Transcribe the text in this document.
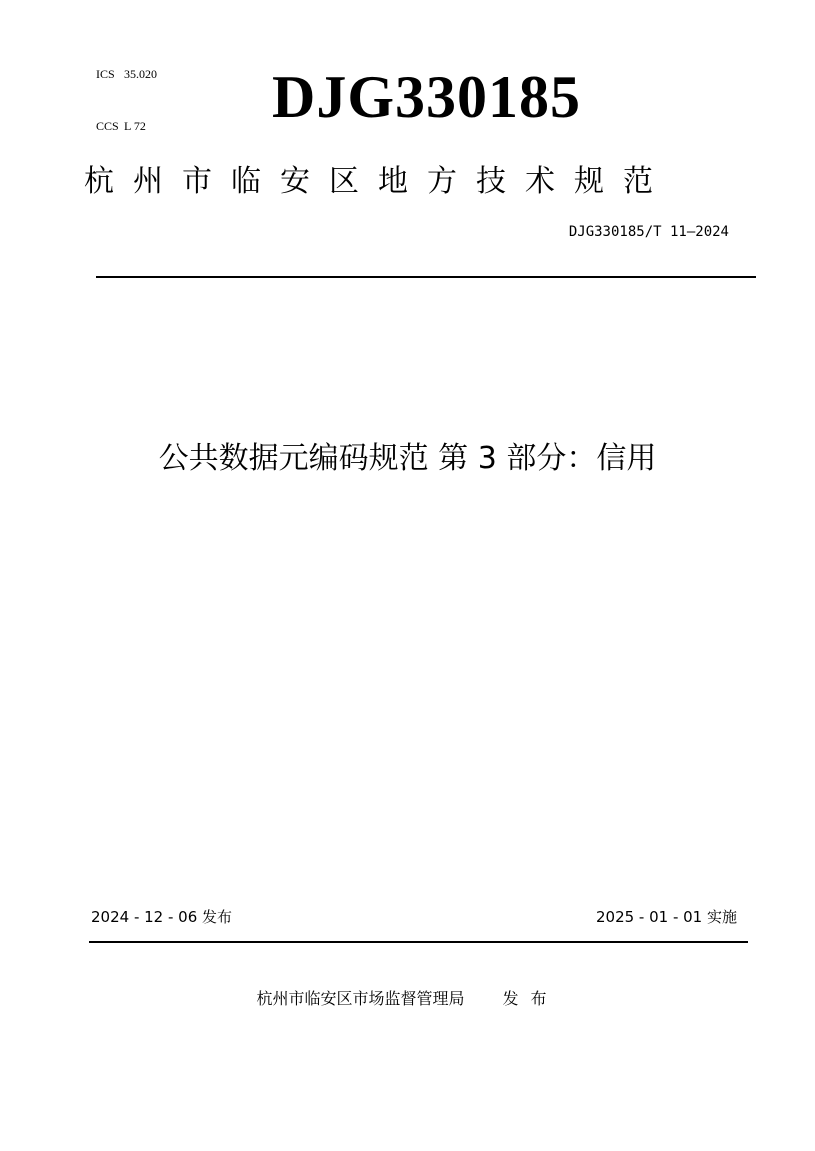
ICS 35.020

CCS L 72 DJG330185
杭州市临安区地方技术规范
DJG330185/T 11—2024
公共数据元编码规范 第 3 部分：信用
2024 - 12 - 06 发布	2025 - 01 - 01 实施
杭州市临安区市场监督管理局 发布
